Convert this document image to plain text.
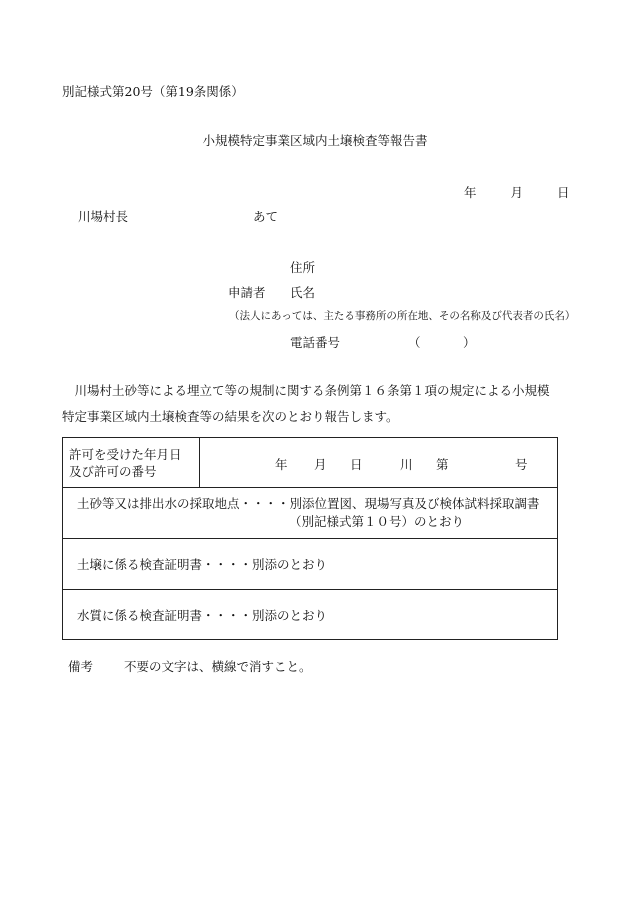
別記様式第20号（第19条関係）
小規模特定事業区域内土壌検査等報告書
年	月	日
川場村長	あて
住所
申請者 氏名
（法人にあっては、主たる事務所の所在地、その名称及び代表者の氏名）
電話番号	（	）
　川場村土砂等による埋立て等の規制に関する条例第１６条第１項の規定による小規模特定事業区域内土壌検査等の結果を次のとおり報告します。
許可を受けた年月日
及び許可の番号	年 月 日	川 第	号

土砂等又は排出水の採取地点・・・・別添位置図、現場写真及び検体試料採取調書
（別記様式第１０号）のとおり

土壌に係る検査証明書・・・・別添のとおり
水質に係る検査証明書・・・・別添のとおり
備考 不要の文字は、横線で消すこと。
